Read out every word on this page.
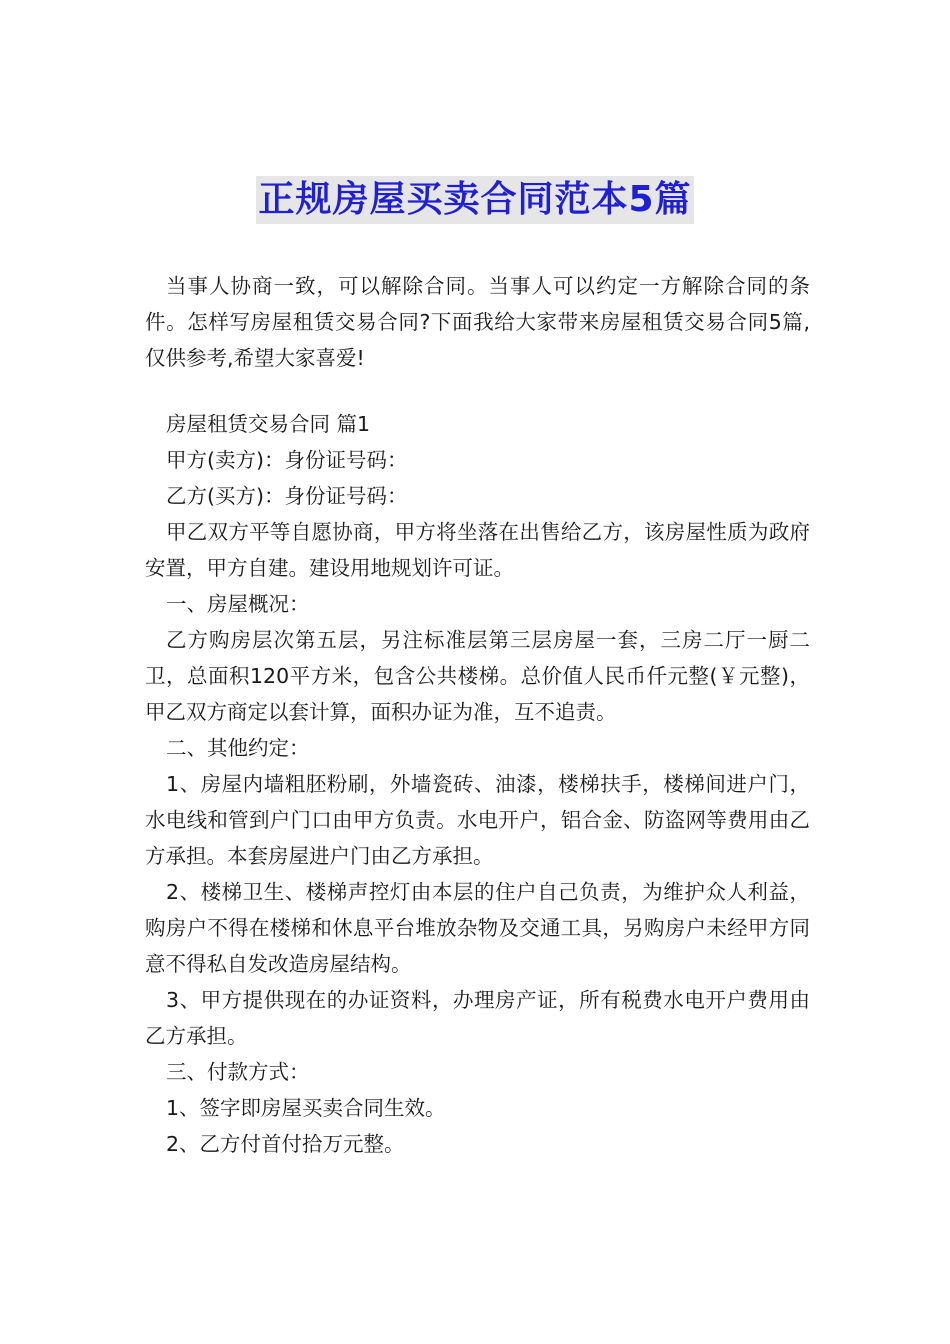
正规房屋买卖合同范本5篇

当事人协商一致，可以解除合同。当事人可以约定一方解除合同的条件。怎样写房屋租赁交易合同?下面我给大家带来房屋租赁交易合同5篇,仅供参考,希望大家喜爱!

房屋租赁交易合同 篇1

甲方(卖方)：身份证号码：

乙方(买方)：身份证号码：

甲乙双方平等自愿协商，甲方将坐落在出售给乙方，该房屋性质为政府安置，甲方自建。建设用地规划许可证。

一、房屋概况：

乙方购房层次第五层，另注标准层第三层房屋一套，三房二厅一厨二卫，总面积120平方米，包含公共楼梯。总价值人民币仟元整(￥元整)，甲乙双方商定以套计算，面积办证为准，互不追责。

二、其他约定：

1、房屋内墙粗胚粉刷，外墙瓷砖、油漆，楼梯扶手，楼梯间进户门，水电线和管到户门口由甲方负责。水电开户，铝合金、防盗网等费用由乙方承担。本套房屋进户门由乙方承担。

2、楼梯卫生、楼梯声控灯由本层的住户自己负责，为维护众人利益，购房户不得在楼梯和休息平台堆放杂物及交通工具，另购房户未经甲方同意不得私自发改造房屋结构。

3、甲方提供现在的办证资料，办理房产证，所有税费水电开户费用由乙方承担。

三、付款方式：

1、签字即房屋买卖合同生效。

2、乙方付首付拾万元整。
